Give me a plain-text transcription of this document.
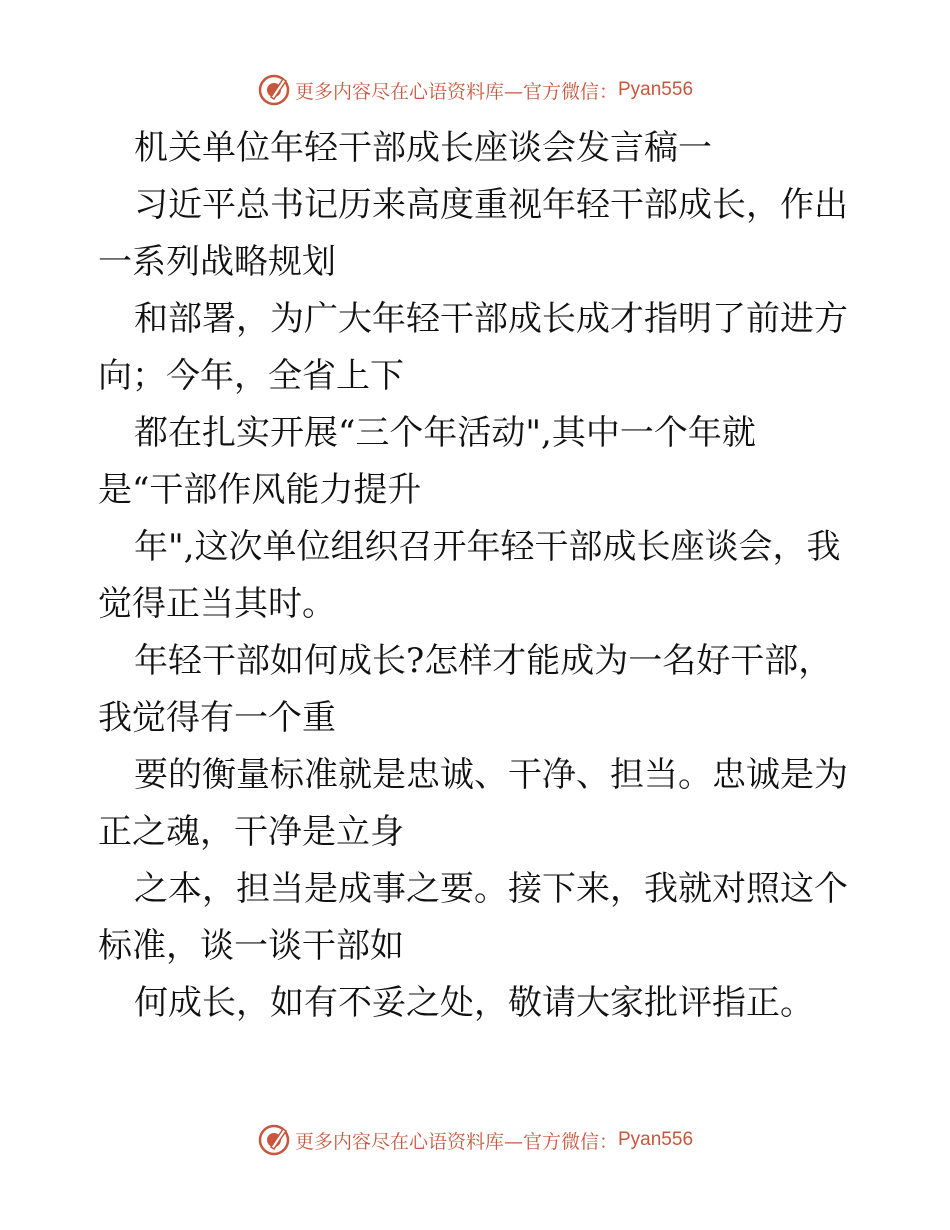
更多内容尽在心语资料库 —官方微信： Pyan556
机关单位年轻干部成长座谈会发言稿一
习近平总书记历来高度重视年轻干部成长，作出
一系列战略规划
和部署，为广大年轻干部成长成才指明了前进方
向；今年，全省上下
都在扎实开展“三个年活动",其中一个年就
是“干部作风能力提升
年",这次单位组织召开年轻干部成长座谈会，我
觉得正当其时。
年轻干部如何成长?怎样才能成为一名好干部，
我觉得有一个重
要的衡量标准就是忠诚、干净、担当。忠诚是为
正之魂，干净是立身
之本，担当是成事之要。接下来，我就对照这个
标准，谈一谈干部如
何成长，如有不妥之处，敬请大家批评指正。
更多内容尽在心语资料库 —官方微信： Pyan556
